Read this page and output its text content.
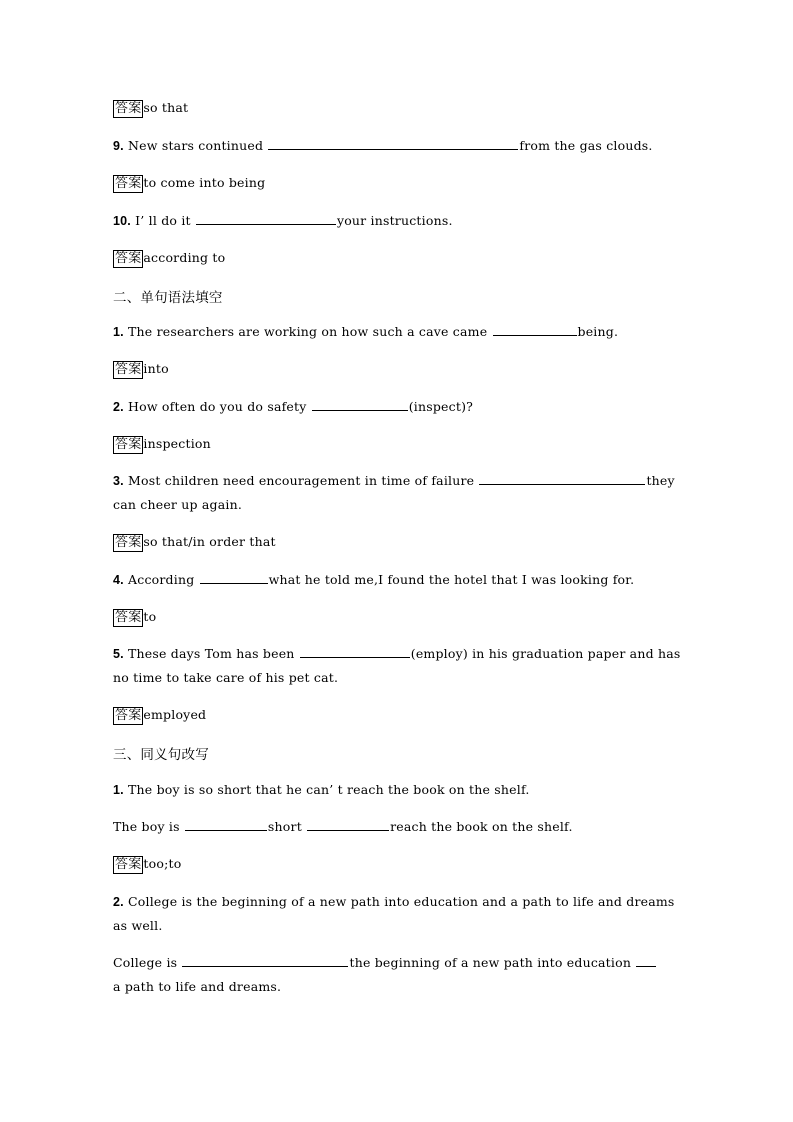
答案 so that
9. New stars continued	from the gas clouds.
答案 to come into being
10. I’ ll do it	your instructions.
答案 according to
二、单句语法填空
1. The researchers are working on how such a cave came	being.
答案 into
2. How often do you do safety	(inspect)?
答案 inspection
3. Most children need encouragement in time of failure	they
can cheer up again.
答案 so that/in order that
4. According	what he told me,I found the hotel that I was looking for.
答案 to
5. These days Tom has been	(employ) in his graduation paper and has
no time to take care of his pet cat.
答案 employed
三、同义句改写
1. The boy is so short that he can’ t reach the book on the shelf.
The boy is	short	reach the book on the shelf.
答案 too;to
2. College is the beginning of a new path into education and a path to life and dreams
as well.
College is	the beginning of a new path into education
a path to life and dreams.
